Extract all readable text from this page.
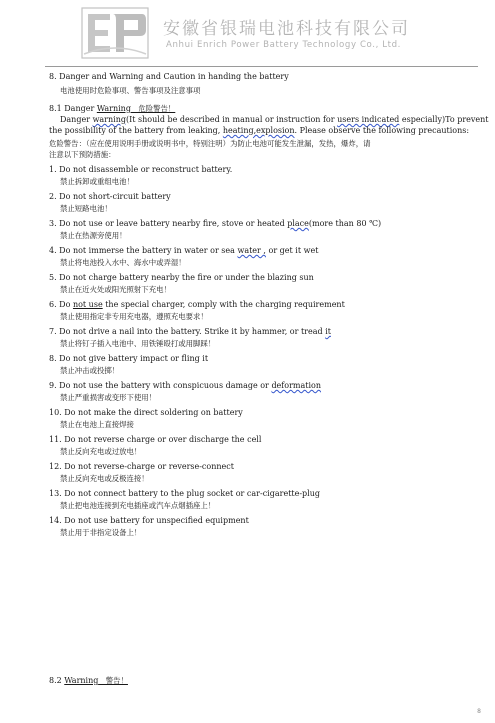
安徽省银瑞电池科技有限公司
Anhui Enrich Power Battery Technology Co., Ltd.
8. Danger and Warning and Caution in handing the battery
电池使用时危险事项、警告事项及注意事项
8.1 Danger Warning　危险警告！
Danger warning(It should be described in manual or instruction for users indicated especially)To prevent
the possibility of the battery from leaking, heating,explosion. Please observe the following precautions:
危险警告：（应在使用说明手册或说明书中，特别注明）为防止电池可能发生泄漏，发热，爆炸，请
注意以下预防措施：
1. Do not disassemble or reconstruct battery.
禁止拆卸或重组电池！
2. Do not short-circuit battery
禁止短路电池！
3. Do not use or leave battery nearby fire, stove or heated place(more than 80 ℃)
禁止在热源旁使用！
4. Do not immerse the battery in water or sea water , or get it wet
禁止将电池投入水中、海水中或弄湿！
5. Do not charge battery nearby the fire or under the blazing sun
禁止在近火处或阳光照射下充电！
6. Do not use the special charger, comply with the charging requirement
禁止使用指定非专用充电器，遵照充电要求！
7. Do not drive a nail into the battery. Strike it by hammer, or tread it
禁止将钉子插入电池中、用铁锤殴打或用脚踩！
8. Do not give battery impact or fling it
禁止冲击或投掷！
9. Do not use the battery with conspicuous damage or deformation
禁止严重损害或变形下使用！
10. Do not make the direct soldering on battery
禁止在电池上直接焊接
11. Do not reverse charge or over discharge the cell
禁止反向充电或过放电！
12. Do not reverse-charge or reverse-connect
禁止反向充电或反极连接！
13. Do not connect battery to the plug socket or car-cigarette-plug
禁止把电池连接到充电插座或汽车点烟插座上！
14. Do not use battery for unspecified equipment
禁止用于非指定设备上！
8.2 Warning　警告！
8
